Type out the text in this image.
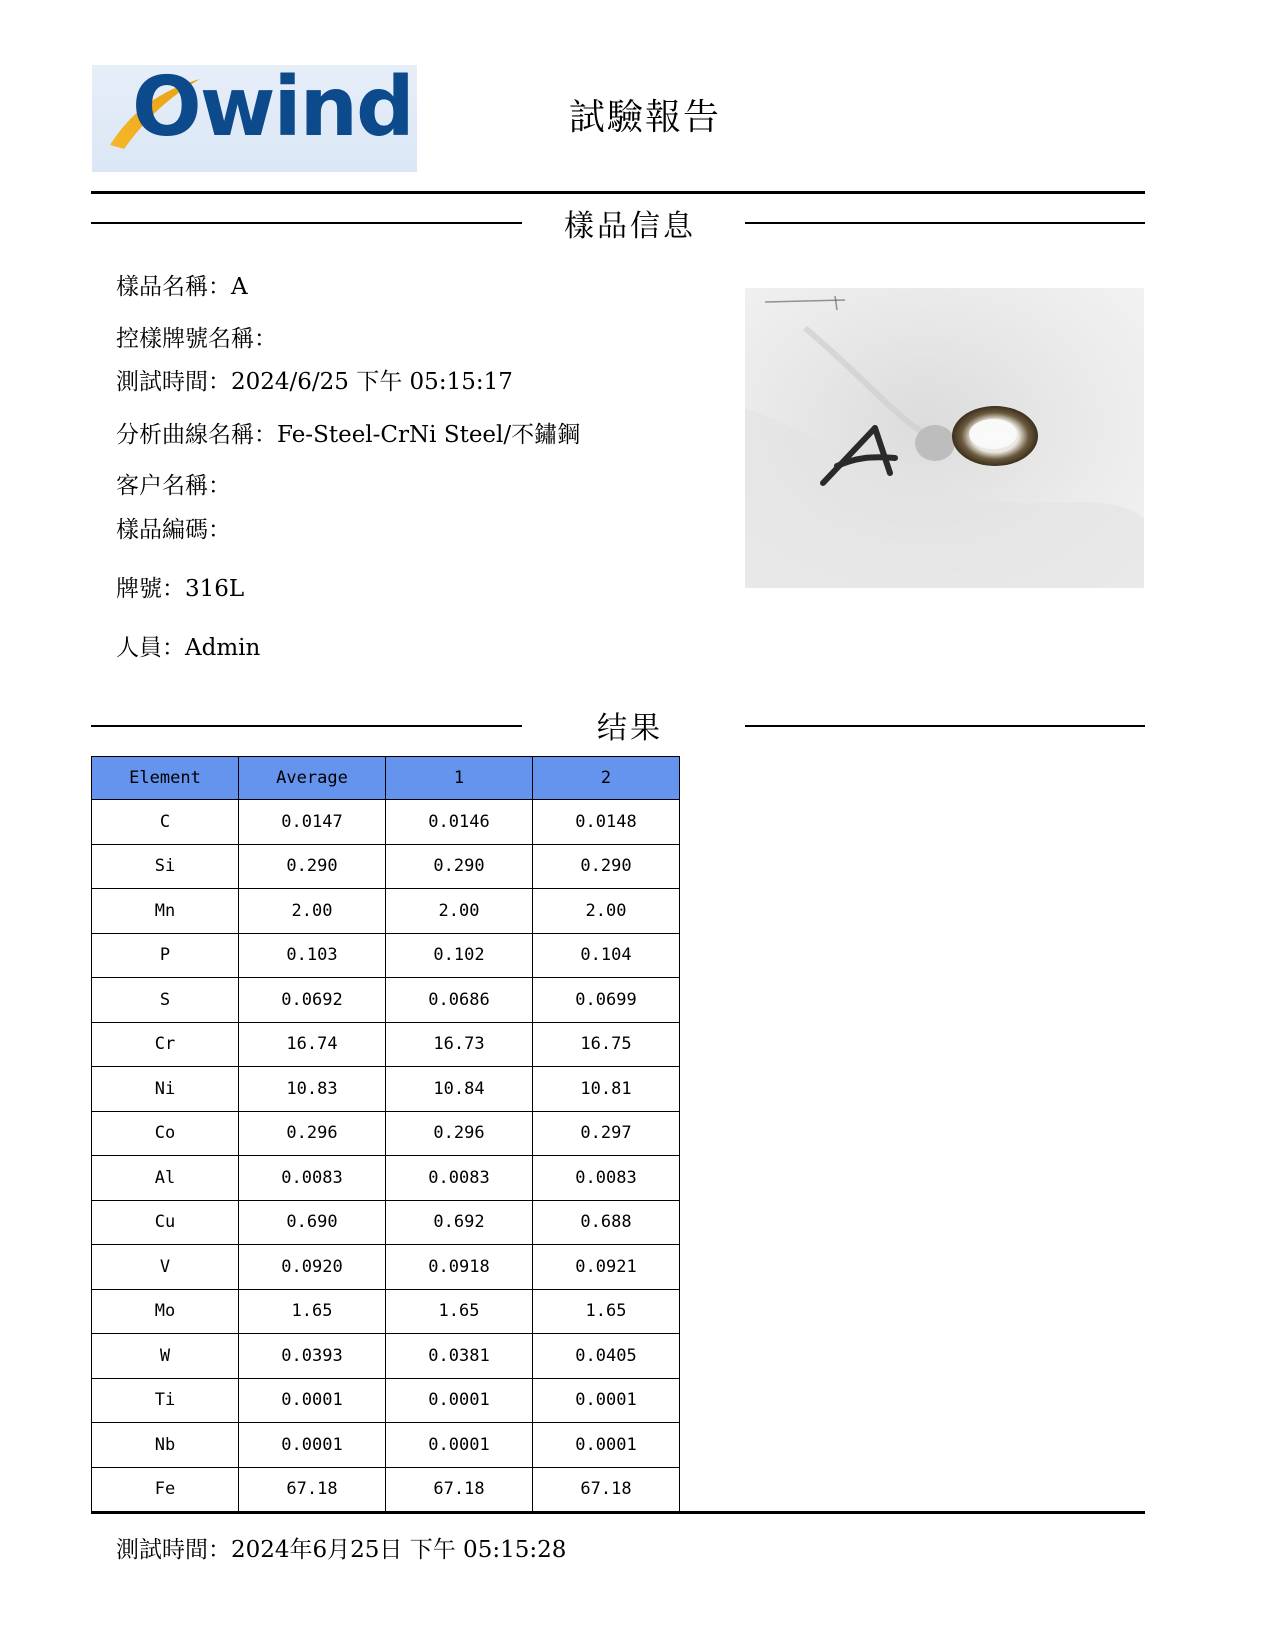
Owind	試驗報告
樣品信息
樣品名稱：A
控樣牌號名稱：
測試時間：2024/6/25 下午 05:15:17
分析曲線名稱：Fe-Steel-CrNi Steel/不鏽鋼
客户名稱：
樣品編碼：
牌號：316L
人員：Admin
结果
Element	Average	1	2
C	0.0147	0.0146	0.0148
Si	0.290	0.290	0.290
Mn	2.00	2.00	2.00
P	0.103	0.102	0.104
S	0.0692	0.0686	0.0699
Cr	16.74	16.73	16.75
Ni	10.83	10.84	10.81
Co	0.296	0.296	0.297
Al	0.0083	0.0083	0.0083
Cu	0.690	0.692	0.688
V	0.0920	0.0918	0.0921
Mo	1.65	1.65	1.65
W	0.0393	0.0381	0.0405
Ti	0.0001	0.0001	0.0001
Nb	0.0001	0.0001	0.0001
Fe	67.18	67.18	67.18
測試時間：2024年6月25日 下午 05:15:28
